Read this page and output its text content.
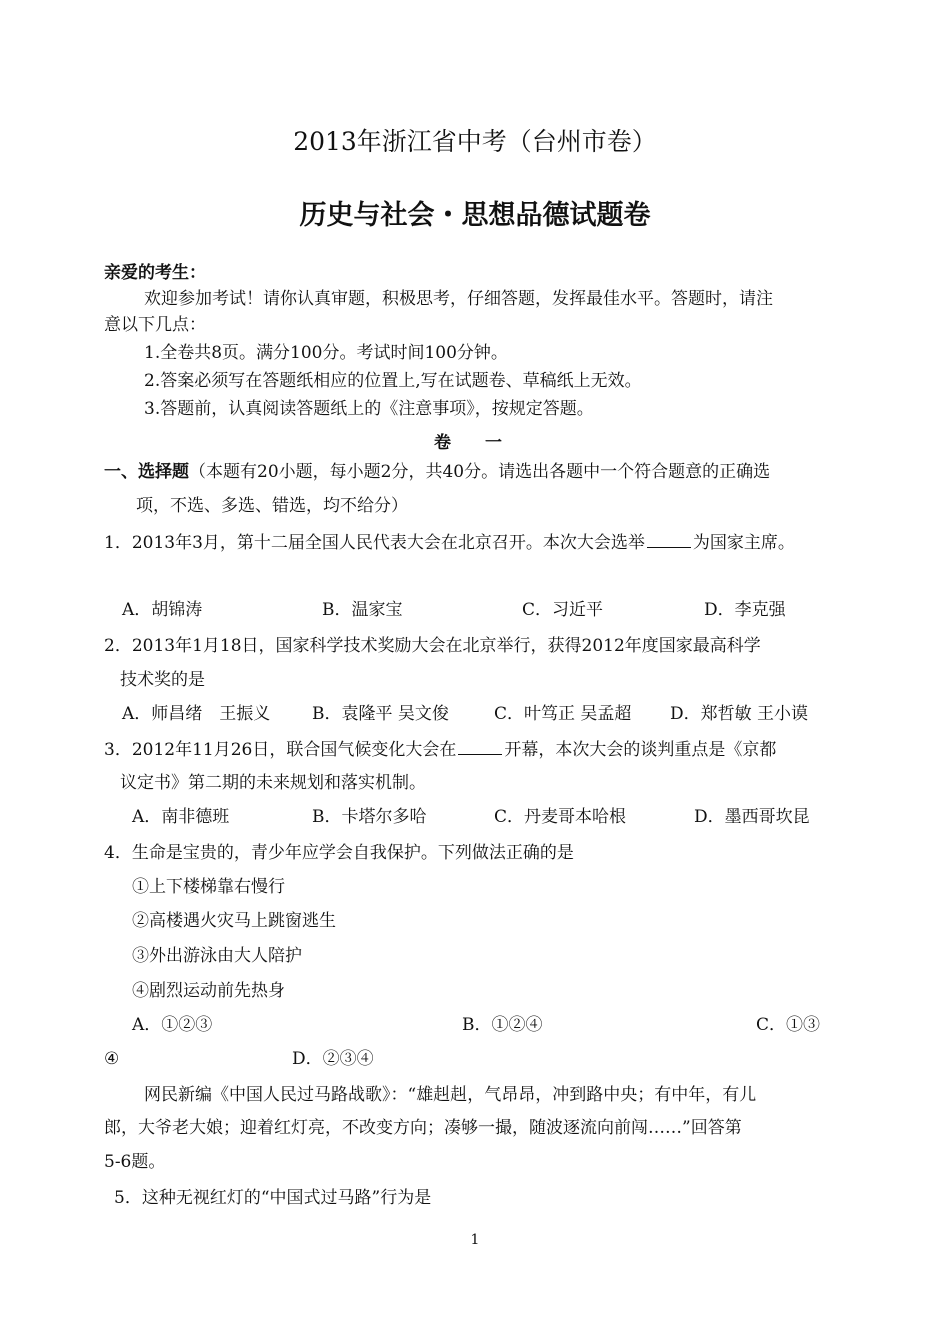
2013年浙江省中考（台州市卷）
历史与社会・思想品德试题卷
亲爱的考生：
欢迎参加考试！请你认真审题，积极思考，仔细答题，发挥最佳水平。答题时，请注
意以下几点：
1.全卷共8页。满分100分。考试时间100分钟。
2.答案必须写在答题纸相应的位置上,写在试题卷、草稿纸上无效。
3.答题前，认真阅读答题纸上的《注意事项》，按规定答题。
卷 一
一、选择题（本题有20小题，每小题2分，共40分。请选出各题中一个符合题意的正确选
项，不选、多选、错选，均不给分）
1．2013年3月，第十二届全国人民代表大会在北京召开。本次大会选举	为国家主席。
A．胡锦涛	B．温家宝	C．习近平	D．李克强
2．2013年1月18日，国家科学技术奖励大会在北京举行，获得2012年度国家最高科学
技术奖的是
A．师昌绪　王振义 B．袁隆平 吴文俊	C．叶笃正 吴孟超 D．郑哲敏 王小谟
3．2012年11月26日，联合国气候变化大会在	开幕，本次大会的谈判重点是《京都
议定书》第二期的未来规划和落实机制。
A．南非德班	B．卡塔尔多哈	C．丹麦哥本哈根	D．墨西哥坎昆
4．生命是宝贵的，青少年应学会自我保护。下列做法正确的是
①上下楼梯靠右慢行
②高楼遇火灾马上跳窗逃生
③外出游泳由大人陪护
④剧烈运动前先热身
A．①②③	B．①②④	C．①③
④	D．②③④
网民新编《中国人民过马路战歌》：“雄赳赳，气昂昂，冲到路中央；有中年，有儿
郎，大爷老大娘；迎着红灯亮，不改变方向；凑够一撮，随波逐流向前闯……”回答第
5-6题。
5．这种无视红灯的“中国式过马路”行为是
1
